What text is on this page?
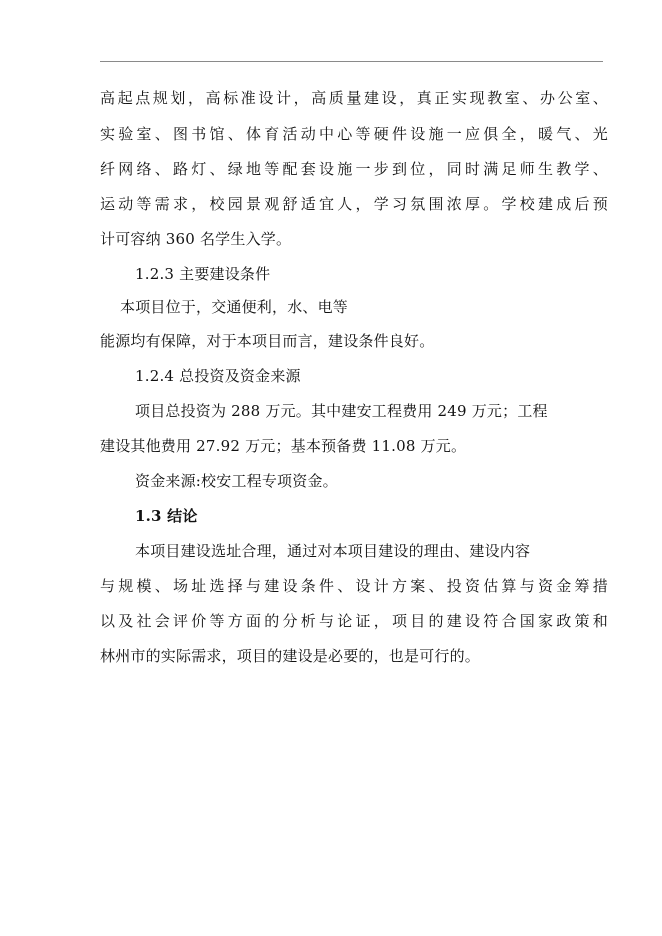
高起点规划，高标准设计，高质量建设，真正实现教室、办公室、

实验室、图书馆、体育活动中心等硬件设施一应俱全，暖气、光

纤网络、路灯、绿地等配套设施一步到位，同时满足师生教学、

运动等需求，校园景观舒适宜人，学习氛围浓厚。学校建成后预

计可容纳 360 名学生入学。

1.2.3 主要建设条件

本项目位于，交通便利，水、电等

能源均有保障，对于本项目而言，建设条件良好。

1.2.4 总投资及资金来源

项目总投资为 288 万元。其中建安工程费用 249 万元；工程

建设其他费用 27.92 万元；基本预备费 11.08 万元。

资金来源:校安工程专项资金。

1.3 结论

本项目建设选址合理，通过对本项目建设的理由、建设内容

与规模、场址选择与建设条件、设计方案、投资估算与资金筹措

以及社会评价等方面的分析与论证，项目的建设符合国家政策和

林州市的实际需求，项目的建设是必要的，也是可行的。
